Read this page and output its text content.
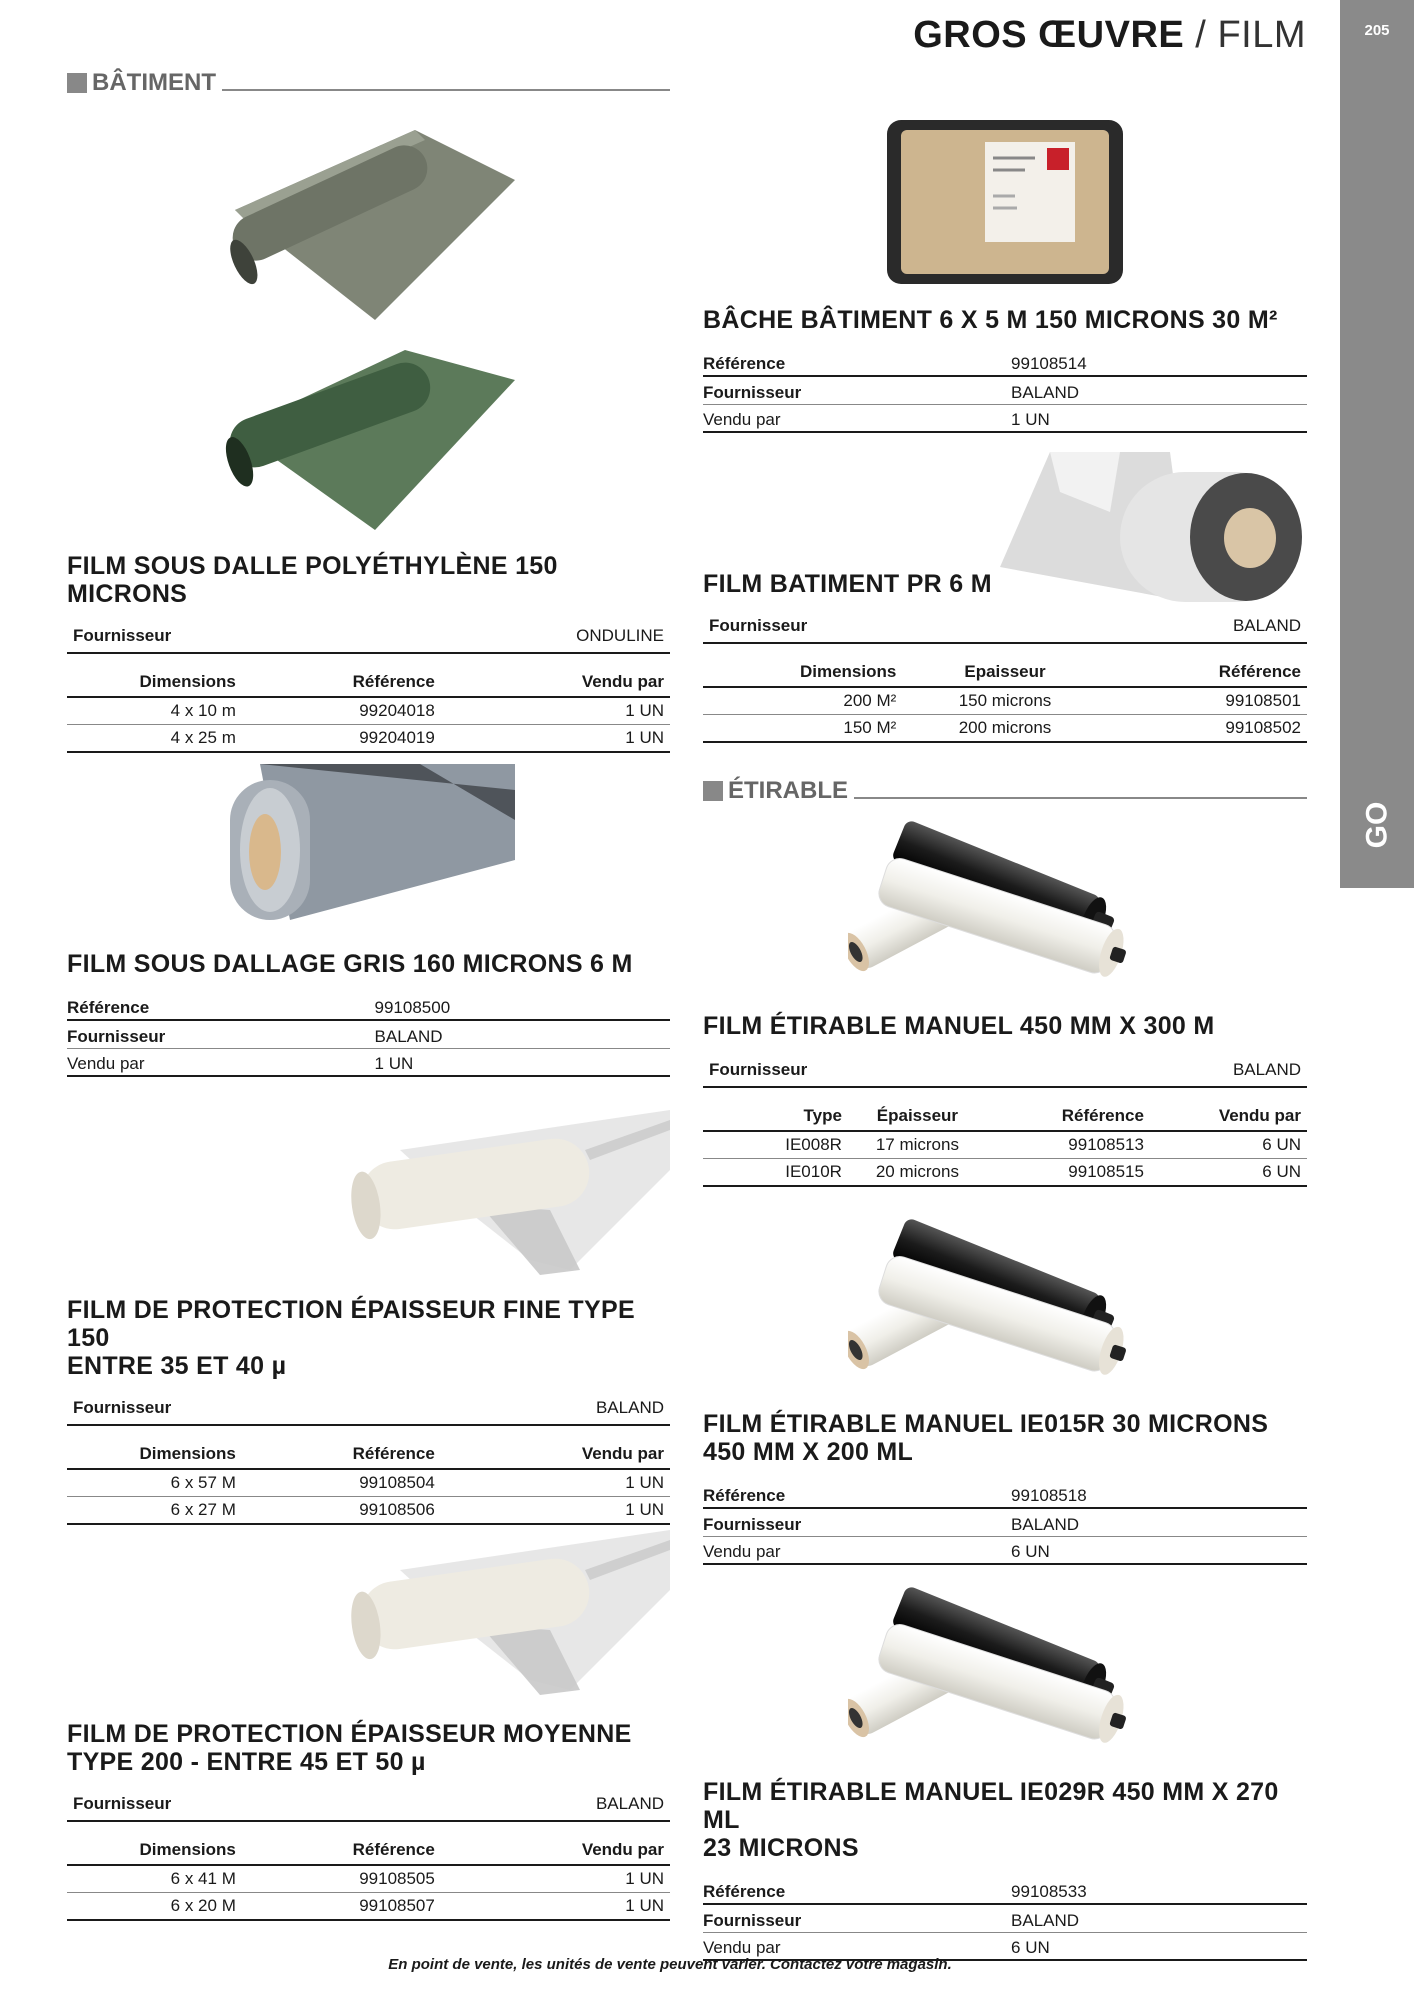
GROS ŒUVRE / FILM	205
GO
BÂTIMENT
FILM SOUS DALLE POLYÉTHYLÈNE 150 MICRONS
Fournisseur	ONDULINE
Dimensions	Référence	Vendu par
4 x 10 m	99204018	1 UN
4 x 25 m	99204019	1 UN
FILM SOUS DALLAGE GRIS 160 MICRONS 6 M
Référence	99108500
Fournisseur	BALAND
Vendu par	1 UN
FILM DE PROTECTION ÉPAISSEUR FINE TYPE 150
ENTRE 35 ET 40 µ
Fournisseur	BALAND
Dimensions	Référence	Vendu par
6 x 57 M	99108504	1 UN
6 x 27 M	99108506	1 UN
FILM DE PROTECTION ÉPAISSEUR MOYENNE
TYPE 200 - ENTRE 45 ET 50 µ
Fournisseur	BALAND
Dimensions	Référence	Vendu par
6 x 41 M	99108505	1 UN
6 x 20 M	99108507	1 UN
BÂCHE BÂTIMENT 6 X 5 M 150 MICRONS 30 M²
Référence	99108514
Fournisseur	BALAND
Vendu par	1 UN
FILM BATIMENT PR 6 M
Fournisseur	BALAND
Dimensions	Epaisseur	Référence
200 M²	150 microns	99108501
150 M²	200 microns	99108502
ÉTIRABLE
FILM ÉTIRABLE MANUEL 450 MM X 300 M
Fournisseur	BALAND
Type	Épaisseur	Référence	Vendu par
IE008R	17 microns	99108513	6 UN
IE010R	20 microns	99108515	6 UN
FILM ÉTIRABLE MANUEL IE015R 30 MICRONS
450 MM X 200 ML
Référence	99108518
Fournisseur	BALAND
Vendu par	6 UN
FILM ÉTIRABLE MANUEL IE029R 450 MM X 270 ML
23 MICRONS
Référence	99108533
Fournisseur	BALAND
Vendu par	6 UN
En point de vente, les unités de vente peuvent varier. Contactez votre magasin.
